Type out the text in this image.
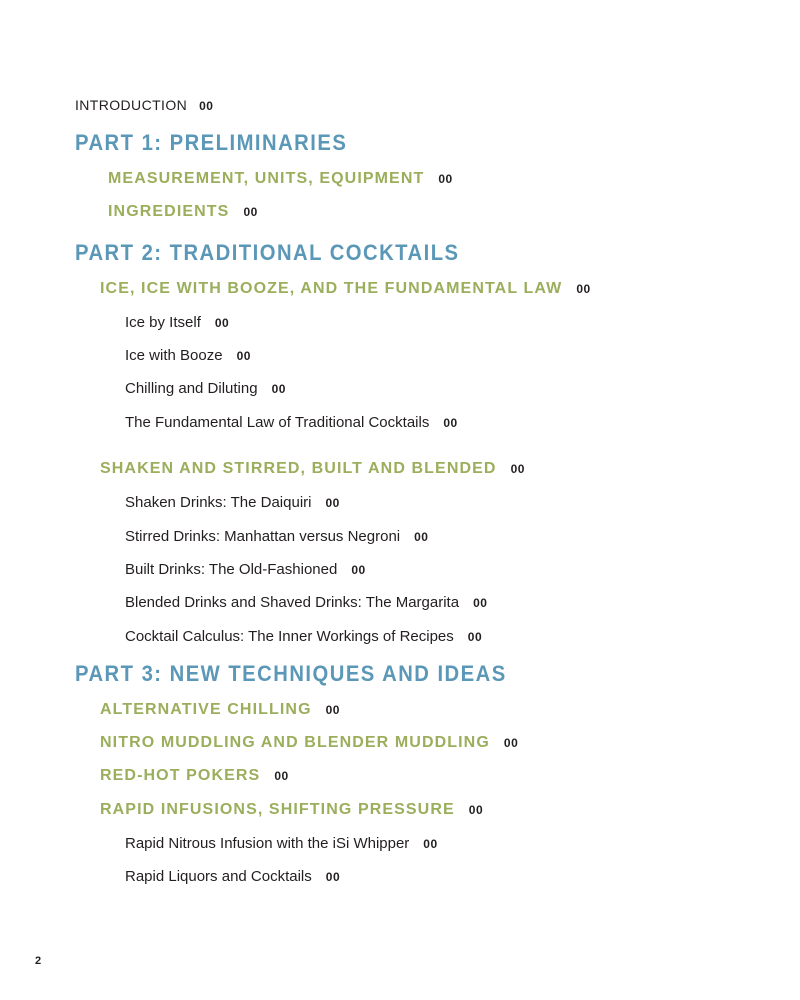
INTRODUCTION 00
PART 1: PRELIMINARIES
MEASUREMENT, UNITS, EQUIPMENT 00
INGREDIENTS 00
PART 2: TRADITIONAL COCKTAILS
ICE, ICE WITH BOOZE, AND THE FUNDAMENTAL LAW 00
Ice by Itself 00
Ice with Booze 00
Chilling and Diluting 00
The Fundamental Law of Traditional Cocktails 00
SHAKEN AND STIRRED, BUILT AND BLENDED 00
Shaken Drinks: The Daiquiri 00
Stirred Drinks: Manhattan versus Negroni 00
Built Drinks: The Old-Fashioned 00
Blended Drinks and Shaved Drinks: The Margarita 00
Cocktail Calculus: The Inner Workings of Recipes 00
PART 3: NEW TECHNIQUES AND IDEAS
ALTERNATIVE CHILLING 00
NITRO MUDDLING AND BLENDER MUDDLING 00
RED-HOT POKERS 00
RAPID INFUSIONS, SHIFTING PRESSURE 00
Rapid Nitrous Infusion with the iSi Whipper 00
Rapid Liquors and Cocktails 00
2
